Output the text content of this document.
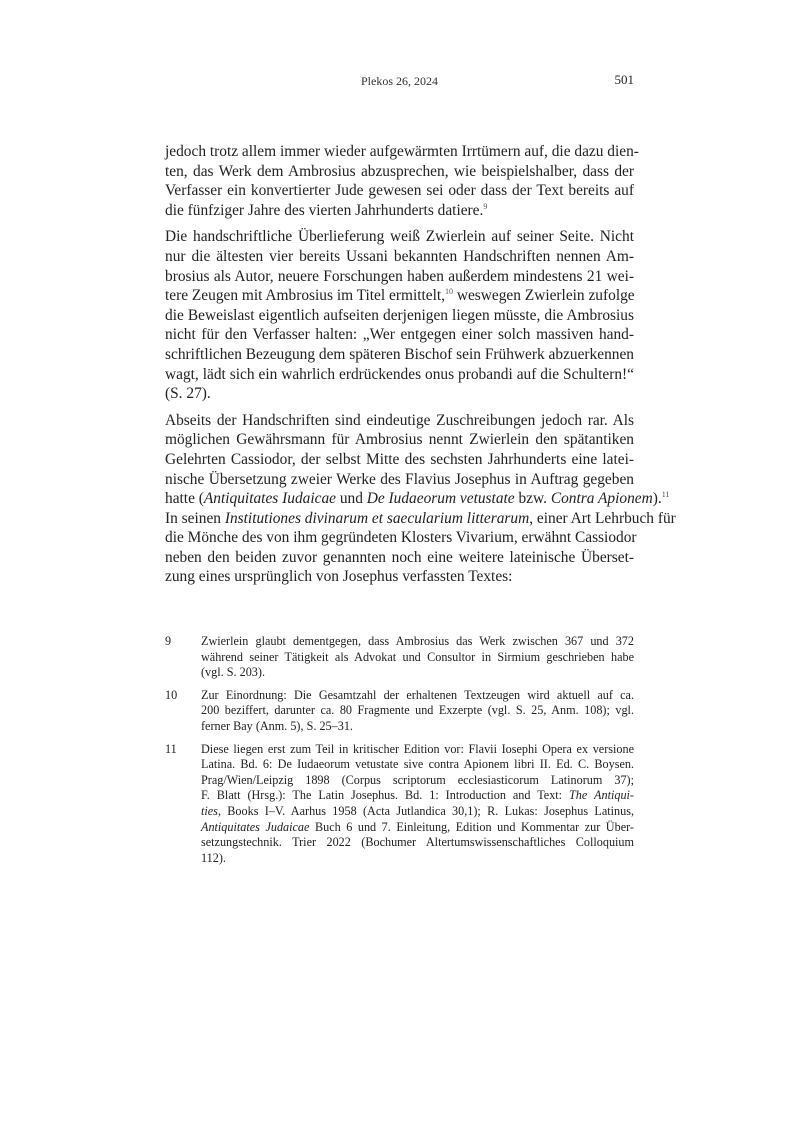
Plekos 26, 2024	501
jedoch trotz allem immer wieder aufgewärmten Irrtümern auf, die dazu dien-
ten, das Werk dem Ambrosius abzusprechen, wie beispielshalber, dass der
Verfasser ein konvertierter Jude gewesen sei oder dass der Text bereits auf
die fünfziger Jahre des vierten Jahrhunderts datiere.$^9$
Die handschriftliche Überlieferung weiß Zwierlein auf seiner Seite. Nicht
nur die ältesten vier bereits Ussani bekannten Handschriften nennen Am-
brosius als Autor, neuere Forschungen haben außerdem mindestens 21 wei-
tere Zeugen mit Ambrosius im Titel ermittelt,$^{10}$ weswegen Zwierlein zufolge
die Beweislast eigentlich aufseiten derjenigen liegen müsste, die Ambrosius
nicht für den Verfasser halten: „Wer entgegen einer solch massiven hand-
schriftlichen Bezeugung dem späteren Bischof sein Frühwerk abzuerkennen
wagt, lädt sich ein wahrlich erdrückendes onus probandi auf die Schultern!“
(S. 27).
Abseits der Handschriften sind eindeutige Zuschreibungen jedoch rar. Als
möglichen Gewährsmann für Ambrosius nennt Zwierlein den spätantiken
Gelehrten Cassiodor, der selbst Mitte des sechsten Jahrhunderts eine latei-
nische Übersetzung zweier Werke des Flavius Josephus in Auftrag gegeben
hatte (Antiquitates Iudaicae und De Iudaeorum vetustate bzw. Contra Apionem).$^{11}$
In seinen Institutiones divinarum et saecularium litterarum, einer Art Lehrbuch für
die Mönche des von ihm gegründeten Klosters Vivarium, erwähnt Cassiodor
neben den beiden zuvor genannten noch eine weitere lateinische Überset-
zung eines ursprünglich von Josephus verfassten Textes:
9	Zwierlein glaubt dementgegen, dass Ambrosius das Werk zwischen 367 und 372
während seiner Tätigkeit als Advokat und Consultor in Sirmium geschrieben habe
(vgl. S. 203).
10	Zur Einordnung: Die Gesamtzahl der erhaltenen Textzeugen wird aktuell auf ca.
200 beziffert, darunter ca. 80 Fragmente und Exzerpte (vgl. S. 25, Anm. 108); vgl.
ferner Bay (Anm. 5), S. 25–31.
11	Diese liegen erst zum Teil in kritischer Edition vor: Flavii Iosephi Opera ex versione
Latina. Bd. 6: De Iudaeorum vetustate sive contra Apionem libri II. Ed. C. Boysen.
Prag/Wien/Leipzig 1898 (Corpus scriptorum ecclesiasticorum Latinorum 37);
F. Blatt (Hrsg.): The Latin Josephus. Bd. 1: Introduction and Text: The Antiqui-
ties, Books I–V. Aarhus 1958 (Acta Jutlandica 30,1); R. Lukas: Josephus Latinus,
Antiquitates Judaicae Buch 6 und 7. Einleitung, Edition und Kommentar zur Über-
setzungstechnik. Trier 2022 (Bochumer Altertumswissenschaftliches Colloquium
112).
